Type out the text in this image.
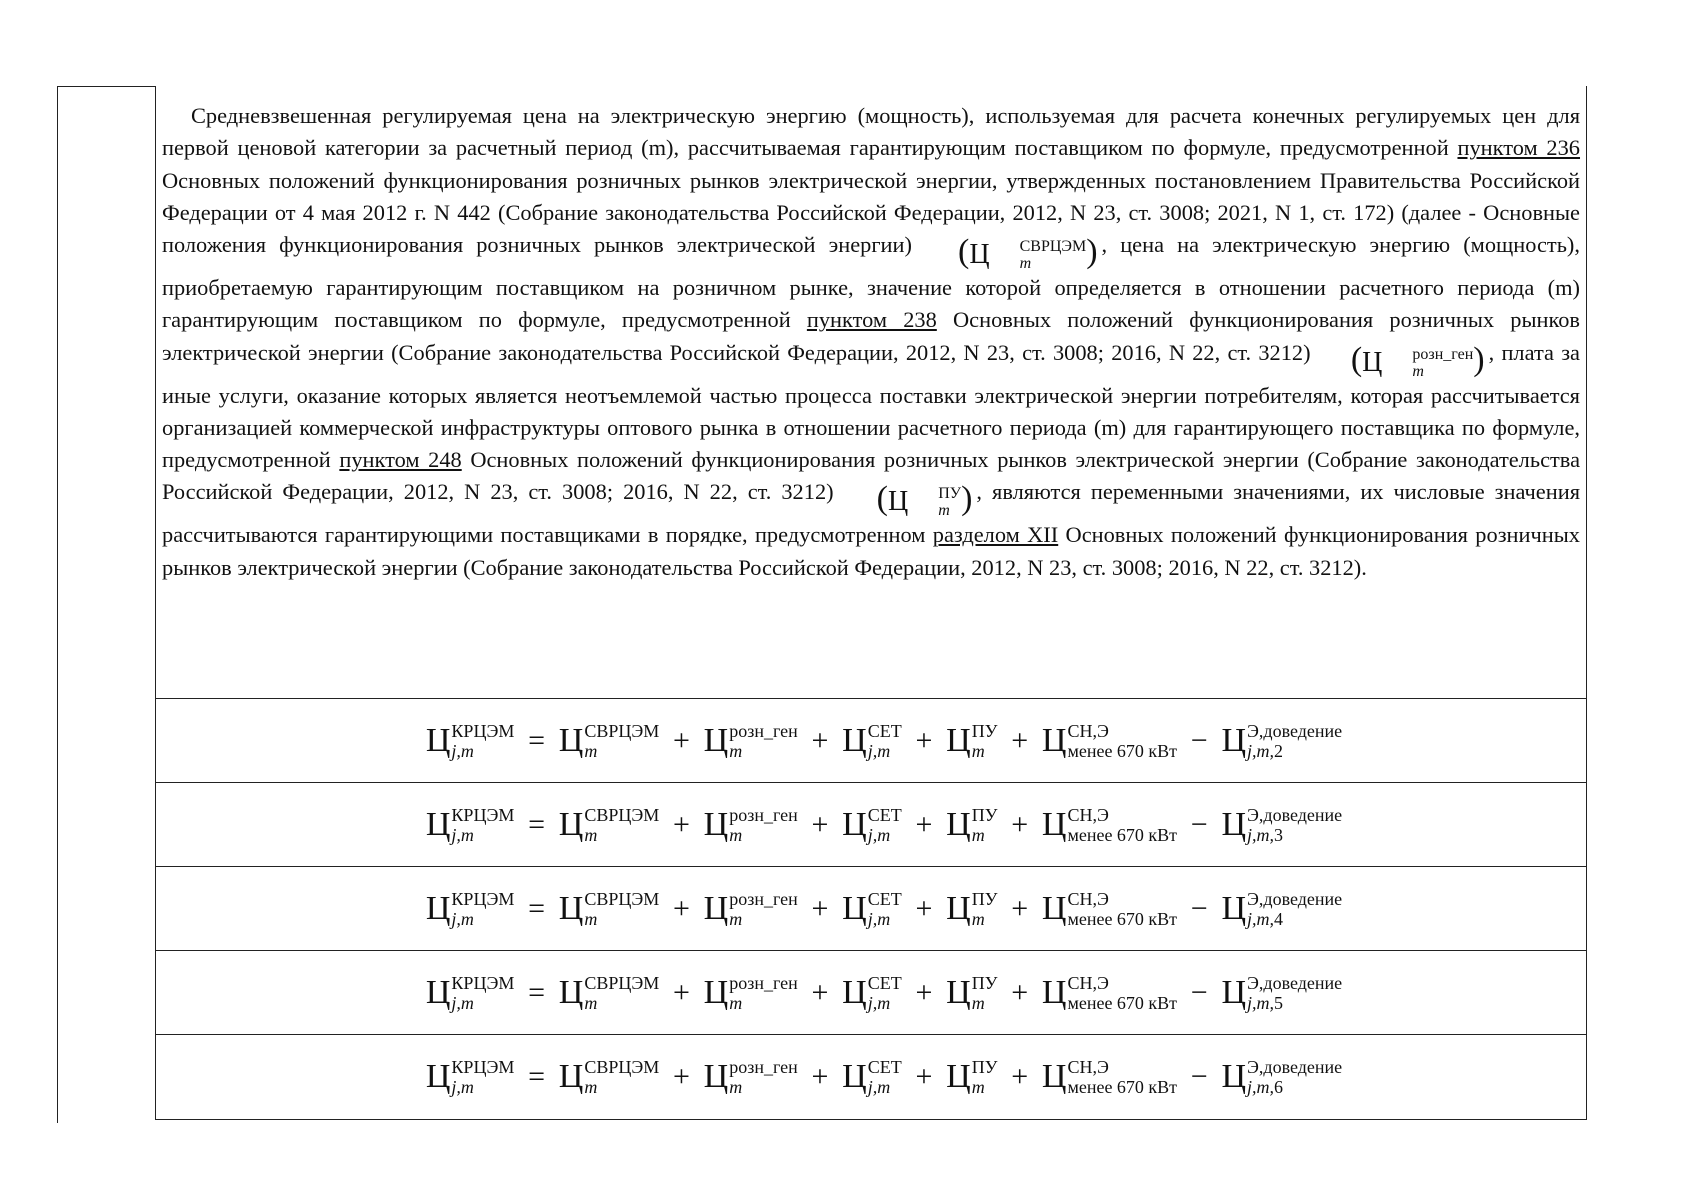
Средневзвешенная регулируемая цена на электрическую энергию (мощность), используемая для расчета конечных регулируемых цен для первой ценовой категории за расчетный период (m), рассчитываемая гарантирующим поставщиком по формуле, предусмотренной пунктом 236 Основных положений функционирования розничных рынков электрической энергии, утвержденных постановлением Правительства Российской Федерации от 4 мая 2012 г. N 442 (Собрание законодательства Российской Федерации, 2012, N 23, ст. 3008; 2021, N 1, ст. 172) (далее - Основные положения функционирования розничных рынков электрической энергии) (Ц	СВРЦЭМ
m	) , цена на электрическую энергию (мощность), приобретаемую гарантирующим поставщиком на розничном рынке, значение которой определяется в отношении расчетного периода (m) гарантирующим поставщиком по формуле, предусмотренной пунктом 238 Основных положений функционирования розничных рынков электрической энергии (Собрание законодательства Российской Федерации, 2012, N 23, ст. 3008; 2016, N 22, ст. 3212) (Ц	розн_ген
m	) , плата за иные услуги, оказание которых является неотъемлемой частью процесса поставки электрической энергии потребителям, которая рассчитывается организацией коммерческой инфраструктуры оптового рынка в отношении расчетного периода (m) для гарантирующего поставщика по формуле, предусмотренной пунктом 248 Основных положений функционирования розничных рынков электрической энергии (Собрание законодательства Российской Федерации, 2012, N 23, ст. 3008; 2016, N 22, ст. 3212) (Ц	ПУ
m ) , являются переменными значениями, их числовые значения рассчитываются гарантирующими поставщиками в порядке, предусмотренном разделом XII Основных положений функционирования розничных рынков электрической энергии (Собрание законодательства Российской Федерации, 2012, N 23, ст. 3008; 2016, N 22, ст. 3212).

Ц КРЦЭМ
j,m	= Ц СВРЦЭМ
m	+ Ц розн_ген
m	+ Ц СЕТ
j,m + Ц ПУ
m + Ц СН,Э
менее 670 кВт − Ц Э,доведение
j,m,2
Ц КРЦЭМ
j,m	= Ц СВРЦЭМ
m	+ Ц розн_ген
m	+ Ц СЕТ
j,m + Ц ПУ
m + Ц СН,Э
менее 670 кВт − Ц Э,доведение
j,m,3
Ц КРЦЭМ
j,m	= Ц СВРЦЭМ
m	+ Ц розн_ген
m	+ Ц СЕТ
j,m + Ц ПУ
m + Ц СН,Э
менее 670 кВт − Ц Э,доведение
j,m,4
Ц КРЦЭМ
j,m	= Ц СВРЦЭМ
m	+ Ц розн_ген
m	+ Ц СЕТ
j,m + Ц ПУ
m + Ц СН,Э
менее 670 кВт − Ц Э,доведение
j,m,5
Ц КРЦЭМ
j,m	= Ц СВРЦЭМ
m	+ Ц розн_ген
m	+ Ц СЕТ
j,m + Ц ПУ
m + Ц СН,Э
менее 670 кВт − Ц Э,доведение
j,m,6
